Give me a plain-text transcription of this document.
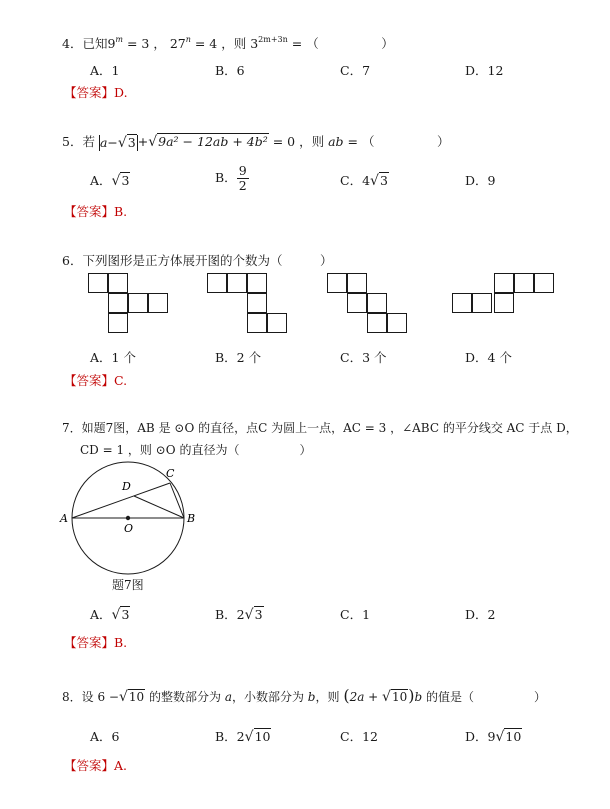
4．已知$9^m = 3$ ， $27^n = 4$ ，则 $3^{2m+3n}$ = （　　　　　）
A．1	B．6	C．7	D．12
【答案】D.
5．若 a−√3 +√9a² − 12ab + 4b² = 0 ，则 ab = （　　　　　）
A．√3	B． $\frac{9}{2}$	C．4√3	D．9
【答案】B.
6．下列图形是正方体展开图的个数为（　　　）
A．1 个	B．2 个	C．3 个	D．4 个
【答案】C.
7．如题7图，AB 是 ⊙O 的直径，点C 为圆上一点，AC = 3 ，∠ABC 的平分线交 AC 于点 D，
CD = 1 ，则 ⊙O 的直径为（　　　　　）
A	B
C
D
O
题7图
A．√3	B．2√3	C．1	D．2
【答案】B.
8．设 6 −√10 的整数部分为 a，小数部分为 b，则 (2a + √10)b 的值是（　　　　　）
A．6	B．2√10	C．12	D．9√10
【答案】A.
